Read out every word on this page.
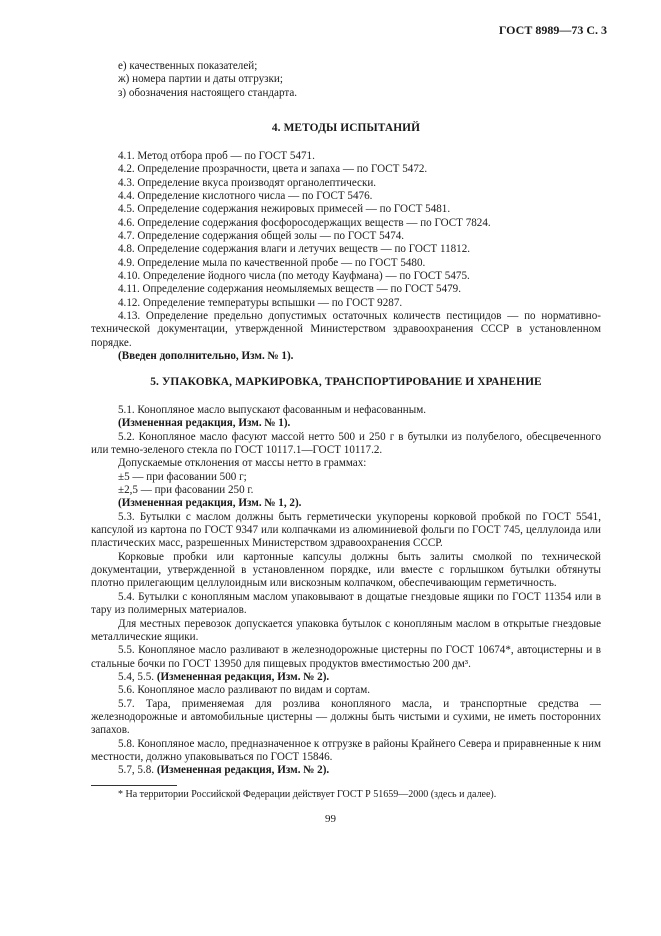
ГОСТ 8989—73 С. 3

е) качественных показателей;

ж) номера партии и даты отгрузки;

з) обозначения настоящего стандарта.

4. МЕТОДЫ ИСПЫТАНИЙ

4.1. Метод отбора проб — по ГОСТ 5471.

4.2. Определение прозрачности, цвета и запаха — по ГОСТ 5472.

4.3. Определение вкуса производят органолептически.

4.4. Определение кислотного числа — по ГОСТ 5476.

4.5. Определение содержания нежировых примесей — по ГОСТ 5481.

4.6. Определение содержания фосфоросодержащих веществ — по ГОСТ 7824.

4.7. Определение содержания общей золы — по ГОСТ 5474.

4.8. Определение содержания влаги и летучих веществ — по ГОСТ 11812.

4.9. Определение мыла по качественной пробе — по ГОСТ 5480.

4.10. Определение йодного числа (по методу Кауфмана) — по ГОСТ 5475.

4.11. Определение содержания неомыляемых веществ — по ГОСТ 5479.

4.12. Определение температуры вспышки — по ГОСТ 9287.

4.13. Определение предельно допустимых остаточных количеств пестицидов — по нормативно-технической документации, утвержденной Министерством здравоохранения СССР в установленном порядке.

(Введен дополнительно, Изм. № 1).

5. УПАКОВКА, МАРКИРОВКА, ТРАНСПОРТИРОВАНИЕ И ХРАНЕНИЕ

5.1. Конопляное масло выпускают фасованным и нефасованным.

(Измененная редакция, Изм. № 1).

5.2. Конопляное масло фасуют массой нетто 500 и 250 г в бутылки из полубелого, обесцвеченного или темно-зеленого стекла по ГОСТ 10117.1—ГОСТ 10117.2.

Допускаемые отклонения от массы нетто в граммах:

±5 — при фасовании 500 г;

±2,5 — при фасовании 250 г.

(Измененная редакция, Изм. № 1, 2).

5.3. Бутылки с маслом должны быть герметически укупорены корковой пробкой по ГОСТ 5541, капсулой из картона по ГОСТ 9347 или колпачками из алюминиевой фольги по ГОСТ 745, целлулоида или пластических масс, разрешенных Министерством здравоохранения СССР.

Корковые пробки или картонные капсулы должны быть залиты смолкой по технической документации, утвержденной в установленном порядке, или вместе с горлышком бутылки обтянуты плотно прилегающим целлулоидным или вискозным колпачком, обеспечивающим герметичность.

5.4. Бутылки с конопляным маслом упаковывают в дощатые гнездовые ящики по ГОСТ 11354 или в тару из полимерных материалов.

Для местных перевозок допускается упаковка бутылок с конопляным маслом в открытые гнездовые металлические ящики.

5.5. Конопляное масло разливают в железнодорожные цистерны по ГОСТ 10674*, автоцистерны и в стальные бочки по ГОСТ 13950 для пищевых продуктов вместимостью 200 дм³.

5.4, 5.5. (Измененная редакция, Изм. № 2).

5.6. Конопляное масло разливают по видам и сортам.

5.7. Тара, применяемая для розлива конопляного масла, и транспортные средства — железнодорожные и автомобильные цистерны — должны быть чистыми и сухими, не иметь посторонних запахов.

5.8. Конопляное масло, предназначенное к отгрузке в районы Крайнего Севера и приравненные к ним местности, должно упаковываться по ГОСТ 15846.

5.7, 5.8. (Измененная редакция, Изм. № 2).

* На территории Российской Федерации действует ГОСТ Р 51659—2000 (здесь и далее).
99
